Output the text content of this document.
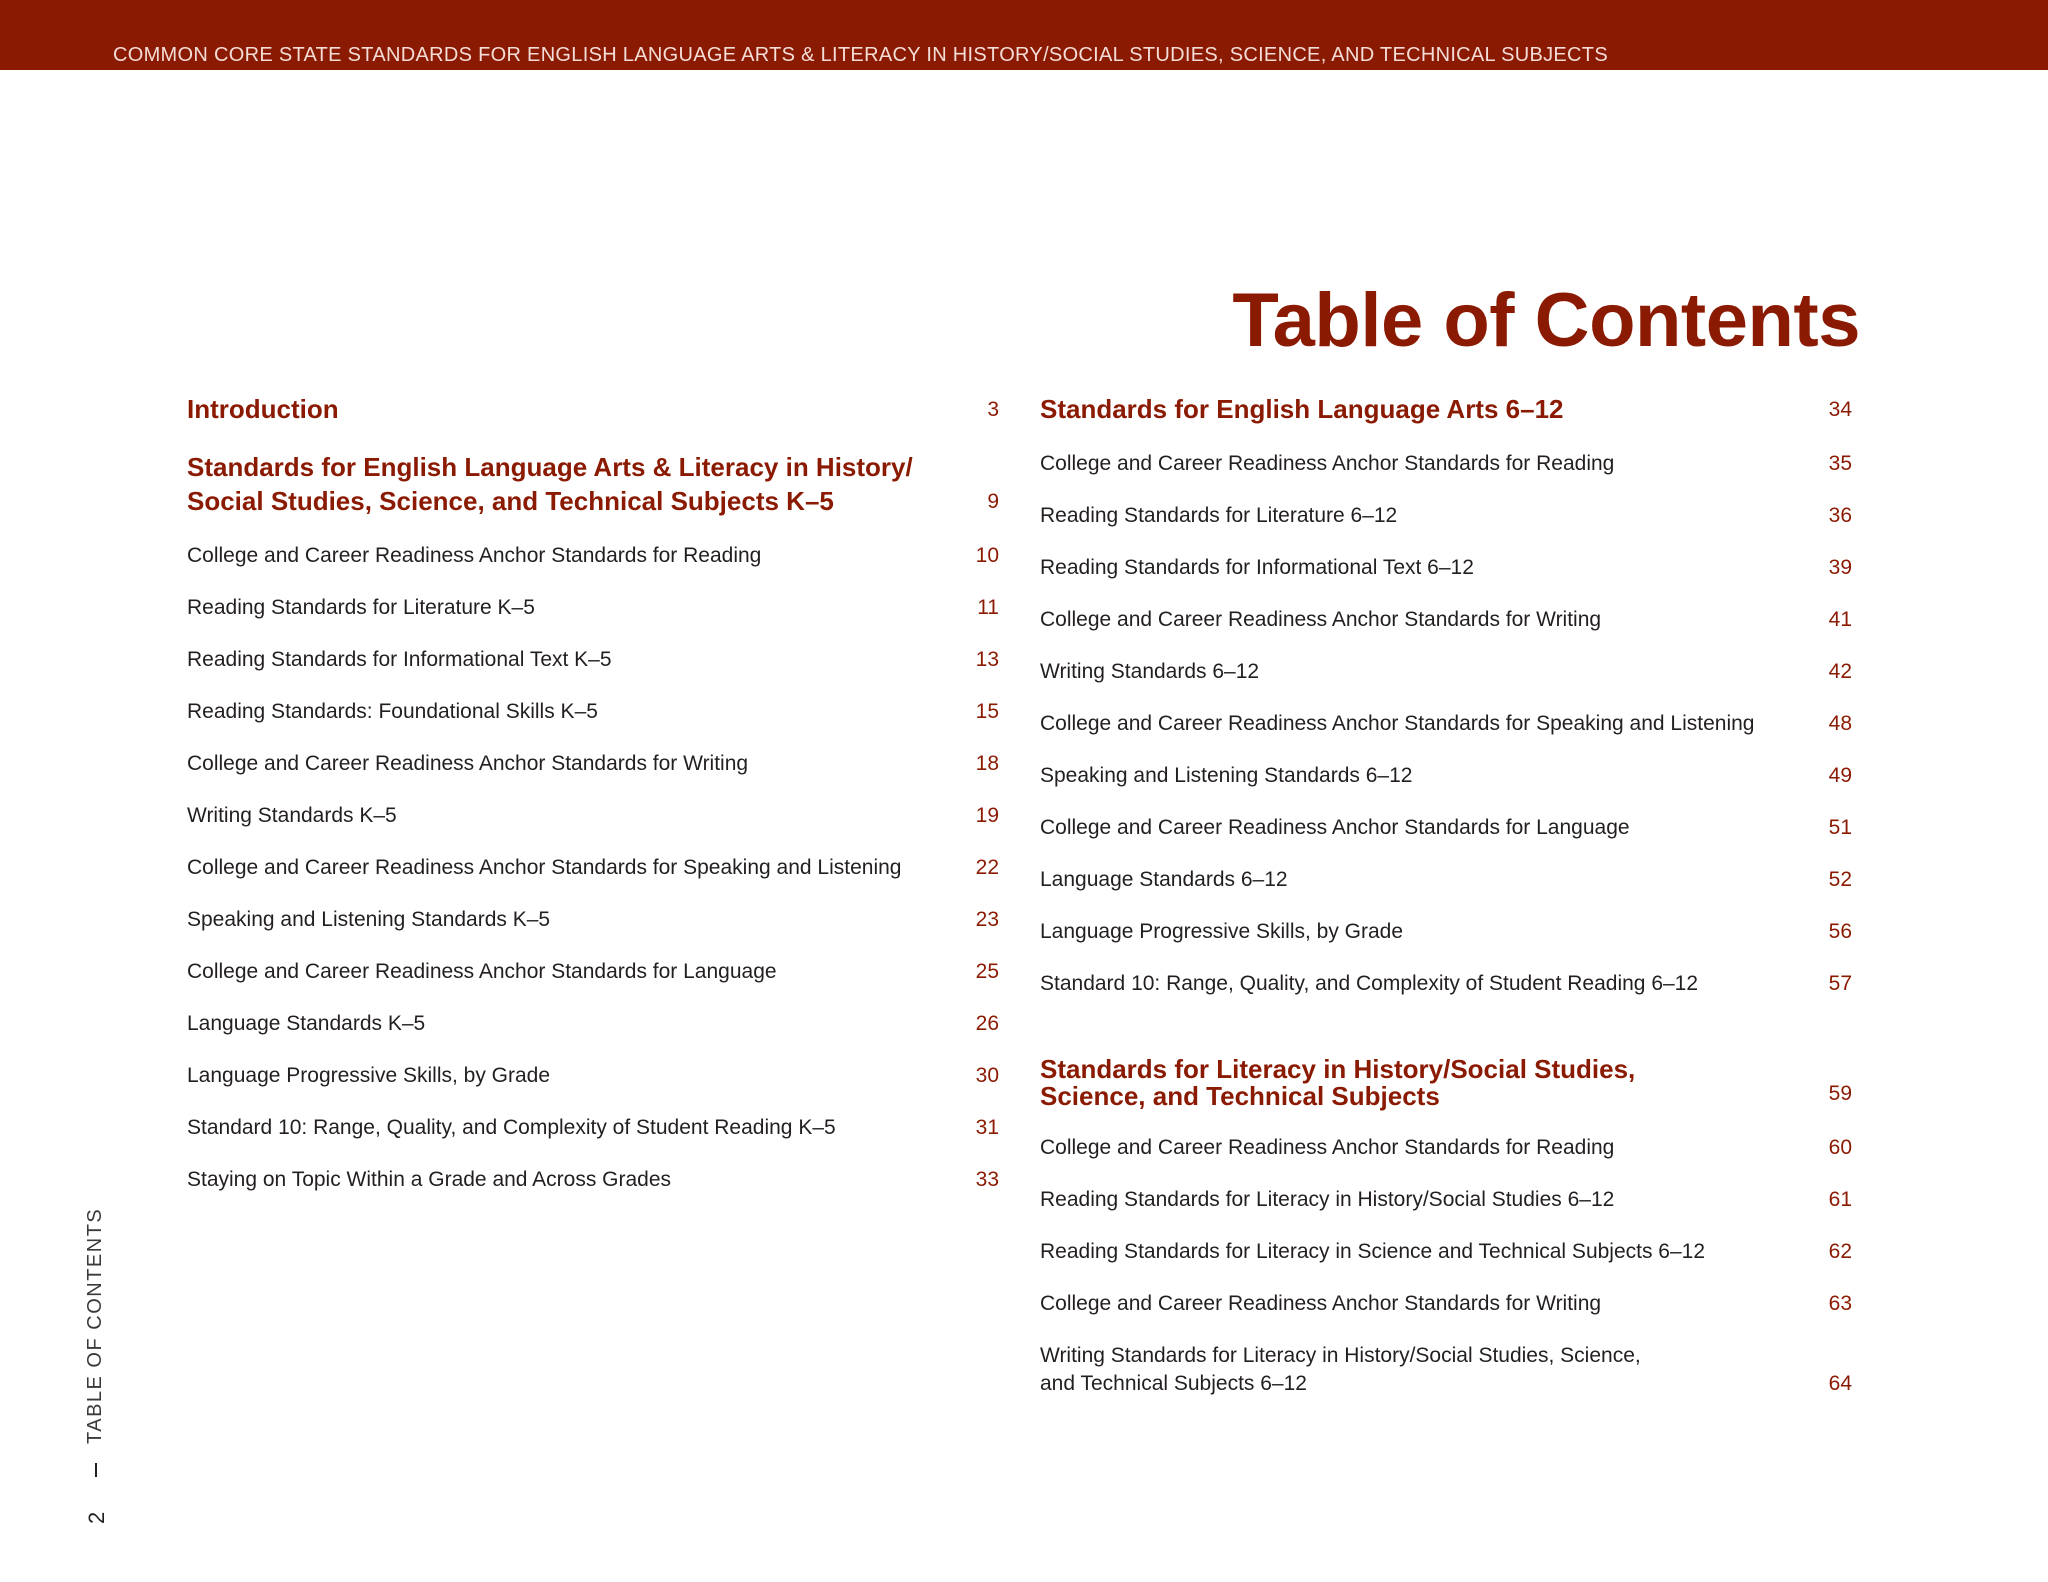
COMMON CORE STATE STANDARDS FOR ENGLISH LANGUAGE ARTS & LITERACY IN HISTORY/SOCIAL STUDIES, SCIENCE, AND TECHNICAL SUBJECTS
Table of Contents
Introduction	3
Standards for English Language Arts & Literacy in History/
Social Studies, Science, and Technical Subjects K–5	9
College and Career Readiness Anchor Standards for Reading	10
Reading Standards for Literature K–5	11
Reading Standards for Informational Text K–5	13
Reading Standards: Foundational Skills K–5	15
College and Career Readiness Anchor Standards for Writing	18
Writing Standards K–5	19
College and Career Readiness Anchor Standards for Speaking and Listening	22
Speaking and Listening Standards K–5	23
College and Career Readiness Anchor Standards for Language	25
Language Standards K–5	26
Language Progressive Skills, by Grade	30
Standard 10: Range, Quality, and Complexity of Student Reading K–5	31
Staying on Topic Within a Grade and Across Grades	33
Standards for English Language Arts 6–12	34
College and Career Readiness Anchor Standards for Reading	35
Reading Standards for Literature 6–12	36
Reading Standards for Informational Text 6–12	39
College and Career Readiness Anchor Standards for Writing	41
Writing Standards 6–12	42
College and Career Readiness Anchor Standards for Speaking and Listening	48
Speaking and Listening Standards 6–12	49
College and Career Readiness Anchor Standards for Language	51
Language Standards 6–12	52
Language Progressive Skills, by Grade	56
Standard 10: Range, Quality, and Complexity of Student Reading 6–12	57
Standards for Literacy in History/Social Studies,
Science, and Technical Subjects	59
College and Career Readiness Anchor Standards for Reading	60
Reading Standards for Literacy in History/Social Studies 6–12	61
Reading Standards for Literacy in Science and Technical Subjects 6–12	62
College and Career Readiness Anchor Standards for Writing	63
Writing Standards for Literacy in History/Social Studies, Science,
and Technical Subjects 6–12	64
TABLE OF CONTENTS
2
